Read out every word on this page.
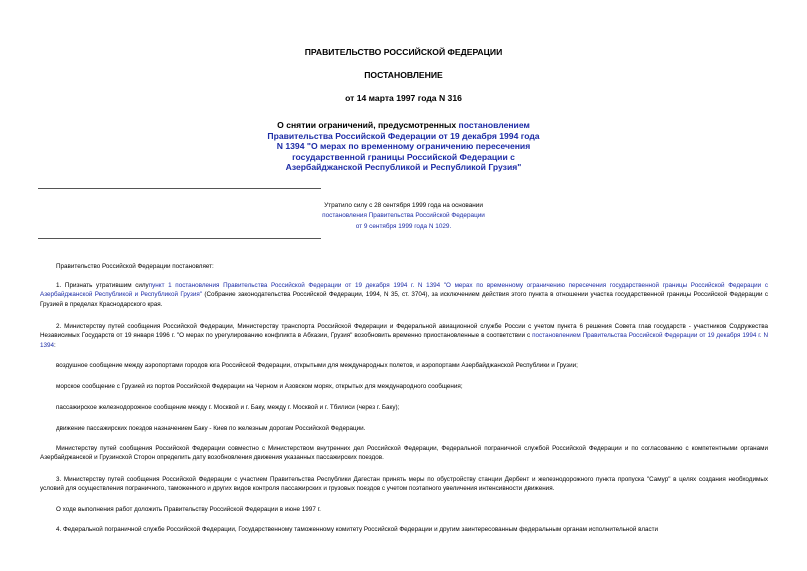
ПРАВИТЕЛЬСТВО РОССИЙСКОЙ ФЕДЕРАЦИИ
ПОСТАНОВЛЕНИЕ
от 14 марта 1997 года N 316
О снятии ограничений, предусмотренных постановлением
Правительства Российской Федерации от 19 декабря 1994 года
N 1394 "О мерах по временному ограничению пересечения
государственной границы Российской Федерации с
Азербайджанской Республикой и Республикой Грузия"
Утратило силу с 28 сентября 1999 года на основании
постановления Правительства Российской Федерации
от 9 сентября 1999 года N 1029.
Правительство Российской Федерации постановляет:
1. Признать утратившим силупункт 1 постановления Правительства Российской Федерации от 19 декабря 1994 г. N 1394 "О мерах по временному ограничению пересечения государственной границы Российской Федерации с Азербайджанской Республикой и Республикой Грузия" (Собрание законодательства Российской Федерации, 1994, N 35, ст. 3704), за исключением действия этого пункта в отношении участка государственной границы Российской Федерации с Грузией в пределах Краснодарского края.
2. Министерству путей сообщения Российской Федерации, Министерству транспорта Российской Федерации и Федеральной авиационной службе России с учетом пункта 6 решения Совета глав государств - участников Содружества Независимых Государств от 19 января 1996 г. "О мерах по урегулированию конфликта в Абхазии, Грузия" возобновить временно приостановленные в соответствии с постановлением Правительства Российской Федерации от 19 декабря 1994 г. N 1394:
воздушное сообщение между аэропортами городов юга Российской Федерации, открытыми для международных полетов, и аэропортами Азербайджанской Республики и Грузии;
морское сообщение с Грузией из портов Российской Федерации на Черном и Азовском морях, открытых для международного сообщения;
пассажирское железнодорожное сообщение между г. Москвой и г. Баку, между г. Москвой и г. Тбилиси (через г. Баку);
движение пассажирских поездов назначением Баку - Киев по железным дорогам Российской Федерации.
Министерству путей сообщения Российской Федерации совместно с Министерством внутренних дел Российской Федерации, Федеральной пограничной службой Российской Федерации и по согласованию с компетентными органами Азербайджанской и Грузинской Сторон определить дату возобновления движения указанных пассажирских поездов.
3. Министерству путей сообщения Российской Федерации с участием Правительства Республики Дагестан принять меры по обустройству станции Дербент и железнодорожного пункта пропуска "Самур" в целях создания необходимых условий для осуществления пограничного, таможенного и других видов контроля пассажирских и грузовых поездов с учетом поэтапного увеличения интенсивности движения.
О ходе выполнения работ доложить Правительству Российской Федерации в июне 1997 г.
4. Федеральной пограничной службе Российской Федерации, Государственному таможенному комитету Российской Федерации и другим заинтересованным федеральным органам исполнительной власти
